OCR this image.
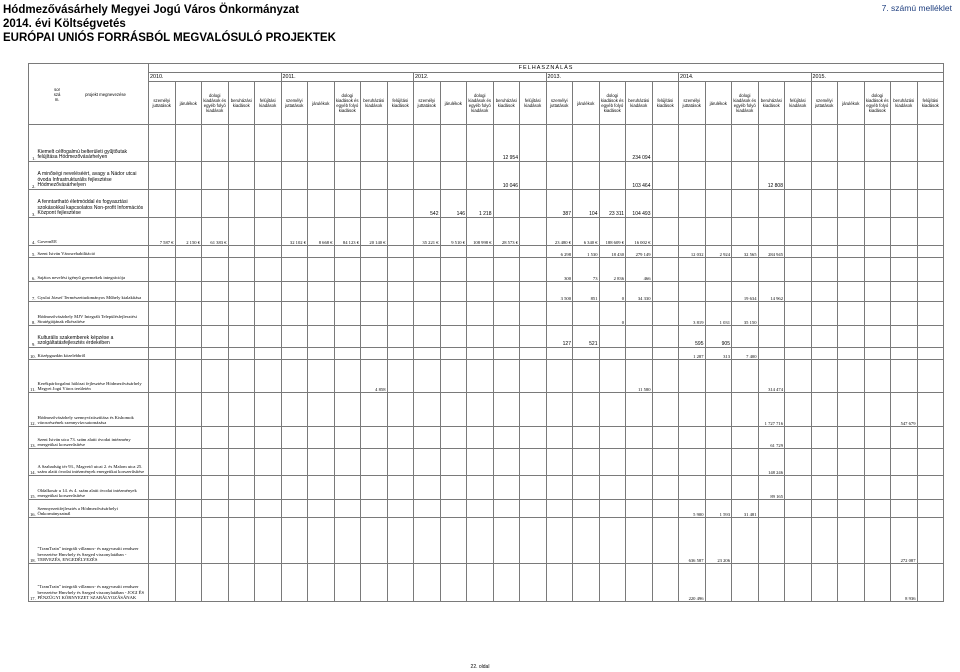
Hódmezővásárhely Megyei Jogú Város Önkormányzat
2014. évi Költségvetés
EURÓPAI UNIÓS FORRÁSBÓL MEGVALÓSULÓ PROJEKTEK
7. számú melléklet
sor szá m.projekt megnevezése		FELHASZNÁLÁS																													
		2010.					2011.					2012.					2013.					2014.					2015.				
		személyi juttatások	járulékok	dologi kiadások és egyéb folyó kiadások	beruházási kiadások	felújítási kiadások	személyi juttatások	járulékok	dologi kiadások és egyéb folyó kiadások	beruházási kiadások	felújítási kiadások	személyi juttatások	járulékok	dologi kiadások és egyéb folyó kiadások	beruházási kiadások	felújítási kiadások	személyi juttatások	járulékok	dologi kiadások és egyéb folyó kiadások	beruházási kiadások	felújítási kiadások	személyi juttatások	járulékok	dologi kiadások és egyéb folyó kiadások	beruházási kiadások	felújítási kiadások	személyi juttatások	járulékok	dologi kiadások és egyéb folyó kiadások	beruházási kiadások	felújítási kiadások
1.	Kiemelt célfogalmú belterületi gyűjtőutak felújítása Hódmezővásárhelyen														12 954					234 094											
2.	A minőségi neveléséért, avagy a Nádor utcai óvoda Infrastrukturális fejlesztése Hódmezővásárhelyen														10 046					103 464					12 808						
3.	A fenntartható életmóddal és fogyasztási szokásokkal kapcsolatos Non-profit Információs Központ fejlesztése											542	146	1 218			387	104	23 311	104 493											
4.	GovernEE	7 587 €	2 150 €	61 383 €			32 102 €	8 668 €	84 123 €	20 140 €		35 221 €	9 510 €	108 998 €	28 573 €		23 480 €	6 340 €	188 609 €	16 002 €											
5.	Szent István Városrehabilitáció																6 298	1 530	18 430	279 149		12 032	2 924	32 565	284 945						
6.	Sajátos nevelési igényű gyermekek integrációja																300	73	2 836	466											
7.	Gyulai József Természettudományos Műhely kialakítása																3 500	851	0	34 330				19 634	14 962						
8.	Hódmezővásárhely MJV Integrált Településfejlesztési Stratégiájának elkészítése																		0			3 819	1 031	35 150							
9.	Kulturális szakemberek képzése a szolgáltatásfejlesztés érdekében																127	521				595	905								
10.	Középgazdán közelebbről																					1 287	313	7 400							
11.	Kerékpárforgalmi hálózat fejlesztése Hódmezővásárhely Megyei Jogú Város területén									4 858										11 580					314 474						
12.	Hódmezővásárhely szennyvíztisztítása és Kishomok városrészének szennyvízcsatornázása																								1 727 716					547 679	
13.	Szent István utca 73. szám alatti óvodai intézmény energetikai korszerűsítése																								61 729						
14.	A Szabadság tér 93., Magvető utcai 2. és Malom utca 25. szám alatti óvodai intézmények energetikai korszerűsítése																								148 246						
15.	Oldalkosár u 14. és 4. szám alatti óvodai intézmények energetikai korszerűsítése																								89 165						
16.	Szennyezettfejlesztés a Hódmezővásárhelyi Önkormányzatnál																					5 900	1 593	31 481							
18.	"TramTrain" integrált villamos- és nagyvasúti rendszer bevezetése Hmvhely és Szeged viszonylatában - TERVEZÉS, ENGEDÉLYEZÉS																					636 587	23 206							272 087	
17.	"TramTrain" integrált villamos- és nagyvasúti rendszer bevezetése Hmvhely és Szeged viszonylatában - JOGI ÉS PÉNZÜGYI KÖRNYEZET SZABÁLYOZÁSÁNAK																					220 496								8 936	
22. oldal
